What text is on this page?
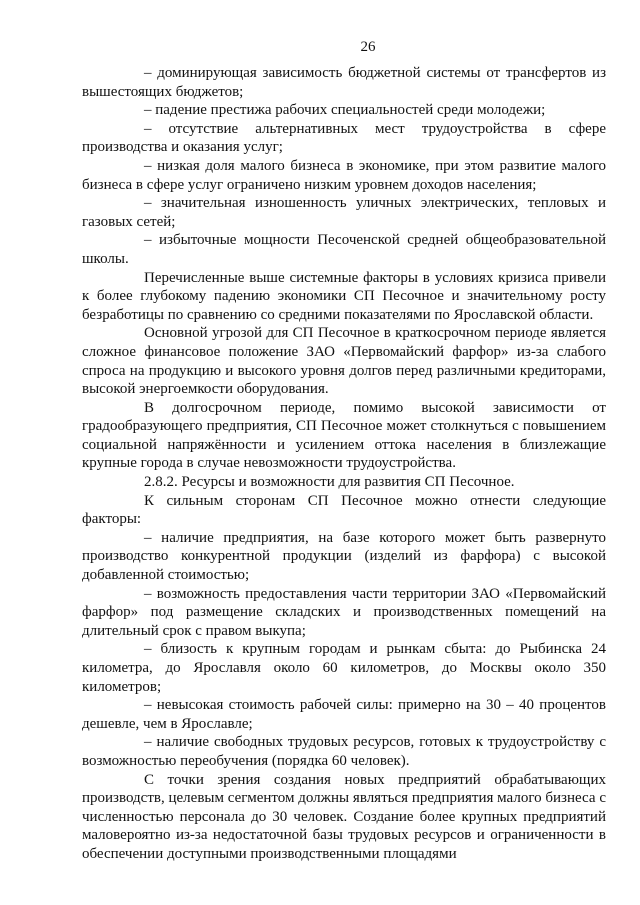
26

– доминирующая зависимость бюджетной системы от трансфертов из вышестоящих бюджетов;

– падение престижа рабочих специальностей среди молодежи;

– отсутствие альтернативных мест трудоустройства в сфере производства и оказания услуг;

– низкая доля малого бизнеса в экономике, при этом развитие малого бизнеса в сфере услуг ограничено низким уровнем доходов населения;

– значительная изношенность уличных электрических, тепловых и газовых сетей;

– избыточные мощности Песоченской средней общеобразовательной школы.

Перечисленные выше системные факторы в условиях кризиса привели к более глубокому падению экономики СП Песочное и значительному росту безработицы по сравнению со средними показателями по Ярославской области.

Основной угрозой для СП Песочное в краткосрочном периоде является сложное финансовое положение ЗАО «Первомайский фарфор» из-за слабого спроса на продукцию и высокого уровня долгов перед различными кредиторами, высокой энергоемкости оборудования.

В долгосрочном периоде, помимо высокой зависимости от градообразующего предприятия, СП Песочное может столкнуться с повышением социальной напряжённости и усилением оттока населения в близлежащие крупные города в случае невозможности трудоустройства.

2.8.2. Ресурсы и возможности для развития СП Песочное.

К сильным сторонам СП Песочное можно отнести следующие факторы:

– наличие предприятия, на базе которого может быть развернуто производство конкурентной продукции (изделий из фарфора) с высокой добавленной стоимостью;

– возможность предоставления части территории ЗАО «Первомайский фарфор» под размещение складских и производственных помещений на длительный срок с правом выкупа;

– близость к крупным городам и рынкам сбыта: до Рыбинска 24 километра, до Ярославля около 60 километров, до Москвы около 350 километров;

– невысокая стоимость рабочей силы: примерно на 30 – 40 процентов дешевле, чем в Ярославле;

– наличие свободных трудовых ресурсов, готовых к трудоустройству с возможностью переобучения (порядка 60 человек).

С точки зрения создания новых предприятий обрабатывающих производств, целевым сегментом должны являться предприятия малого бизнеса с численностью персонала до 30 человек. Создание более крупных предприятий маловероятно из-за недостаточной базы трудовых ресурсов и ограниченности в обеспечении доступными производственными площадями
